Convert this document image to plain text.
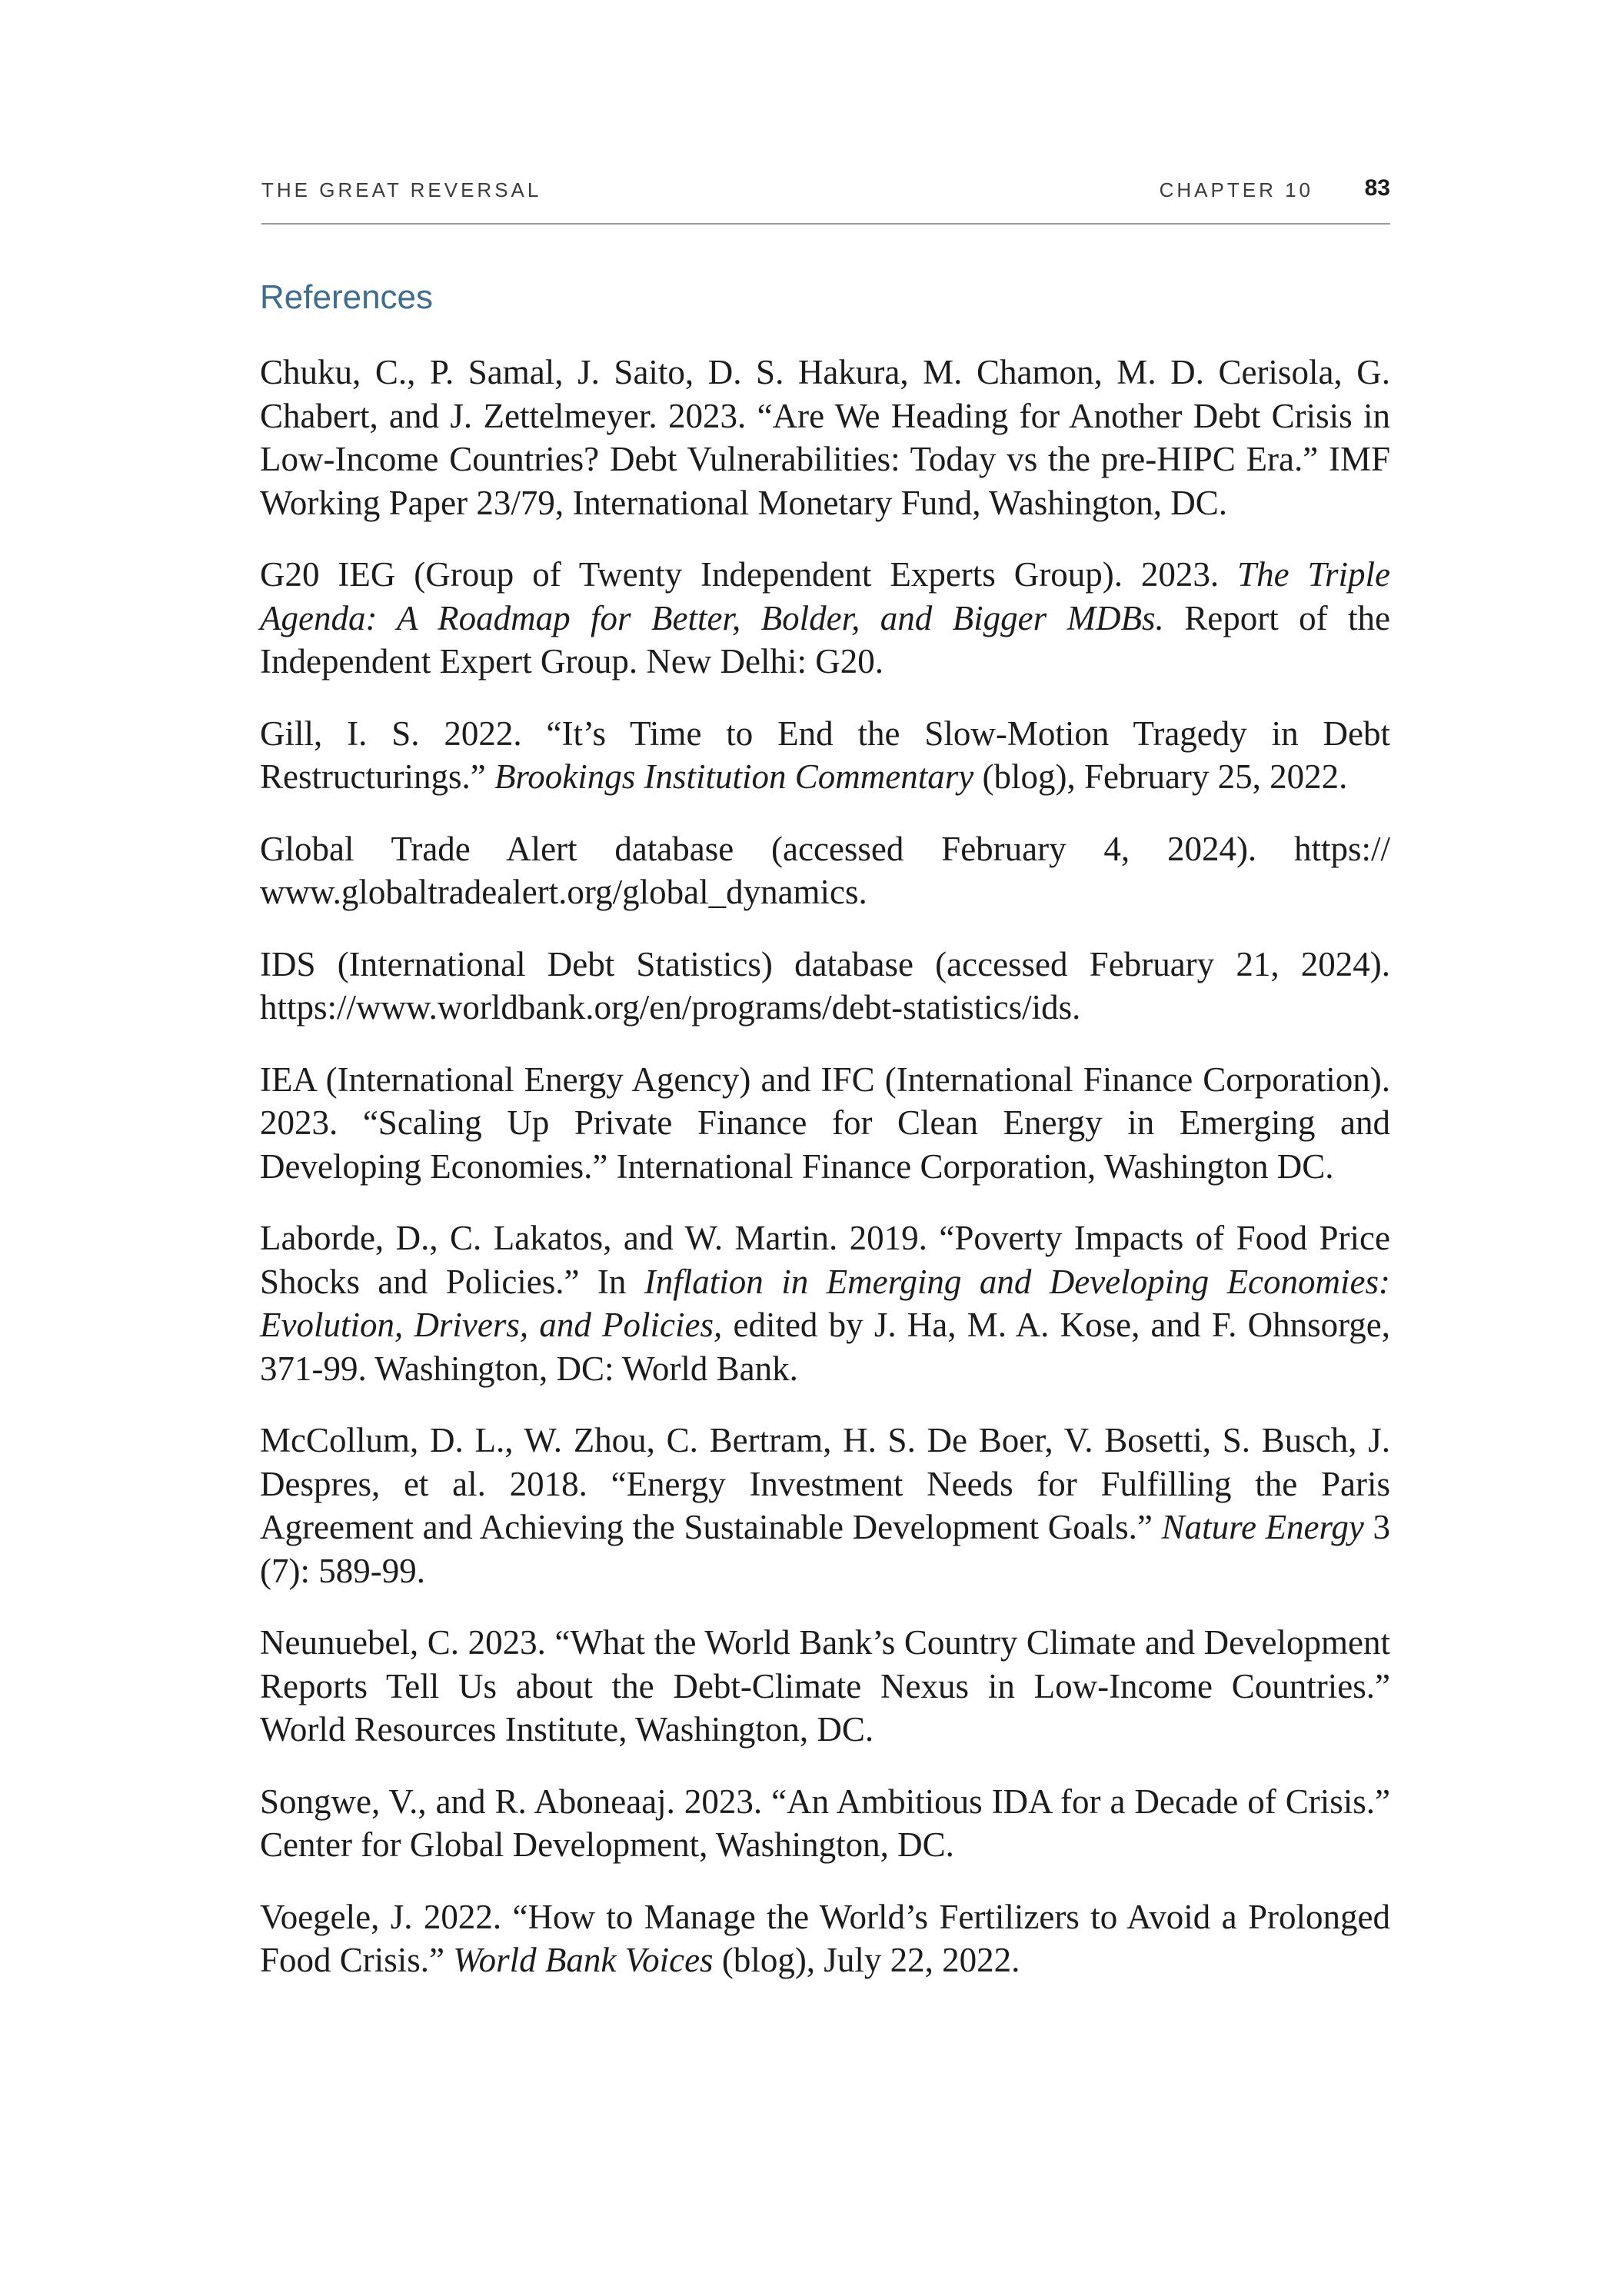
THE GREAT REVERSAL	CHAPTER 10 83
References
Chuku, C., P. Samal, J. Saito, D. S. Hakura, M. Chamon, M. D. Cerisola, G. Chabert, and J. Zettelmeyer. 2023. “Are We Heading for Another Debt Crisis in Low-Income Countries? Debt Vulnerabilities: Today vs the pre-HIPC Era.” IMF Working Paper 23/79, International Monetary Fund, Washington, DC.
G20 IEG (Group of Twenty Independent Experts Group). 2023. The Triple Agenda: A Roadmap for Better, Bolder, and Bigger MDBs. Report of the Independent Expert Group. New Delhi: G20.
Gill, I. S. 2022. “It’s Time to End the Slow-Motion Tragedy in Debt Restructurings.” Brookings Institution Commentary (blog), February 25, 2022.
Global Trade Alert database (accessed February 4, 2024). https:// www.globaltradealert.org/global_dynamics.
IDS (International Debt Statistics) database (accessed February 21, 2024). https://www.worldbank.org/en/programs/debt-statistics/ids.
IEA (International Energy Agency) and IFC (International Finance Corporation). 2023. “Scaling Up Private Finance for Clean Energy in Emerging and Developing Economies.” International Finance Corporation, Washington DC.
Laborde, D., C. Lakatos, and W. Martin. 2019. “Poverty Impacts of Food Price Shocks and Policies.” In Inflation in Emerging and Developing Economies: Evolution, Drivers, and Policies, edited by J. Ha, M. A. Kose, and F. Ohnsorge, 371-99. Washington, DC: World Bank.
McCollum, D. L., W. Zhou, C. Bertram, H. S. De Boer, V. Bosetti, S. Busch, J. Despres, et al. 2018. “Energy Investment Needs for Fulfilling the Paris Agreement and Achieving the Sustainable Development Goals.” Nature Energy 3 (7): 589-99.
Neunuebel, C. 2023. “What the World Bank’s Country Climate and Development Reports Tell Us about the Debt-Climate Nexus in Low-Income Countries.” World Resources Institute, Washington, DC.
Songwe, V., and R. Aboneaaj. 2023. “An Ambitious IDA for a Decade of Crisis.” Center for Global Development, Washington, DC.
Voegele, J. 2022. “How to Manage the World’s Fertilizers to Avoid a Prolonged Food Crisis.” World Bank Voices (blog), July 22, 2022.
